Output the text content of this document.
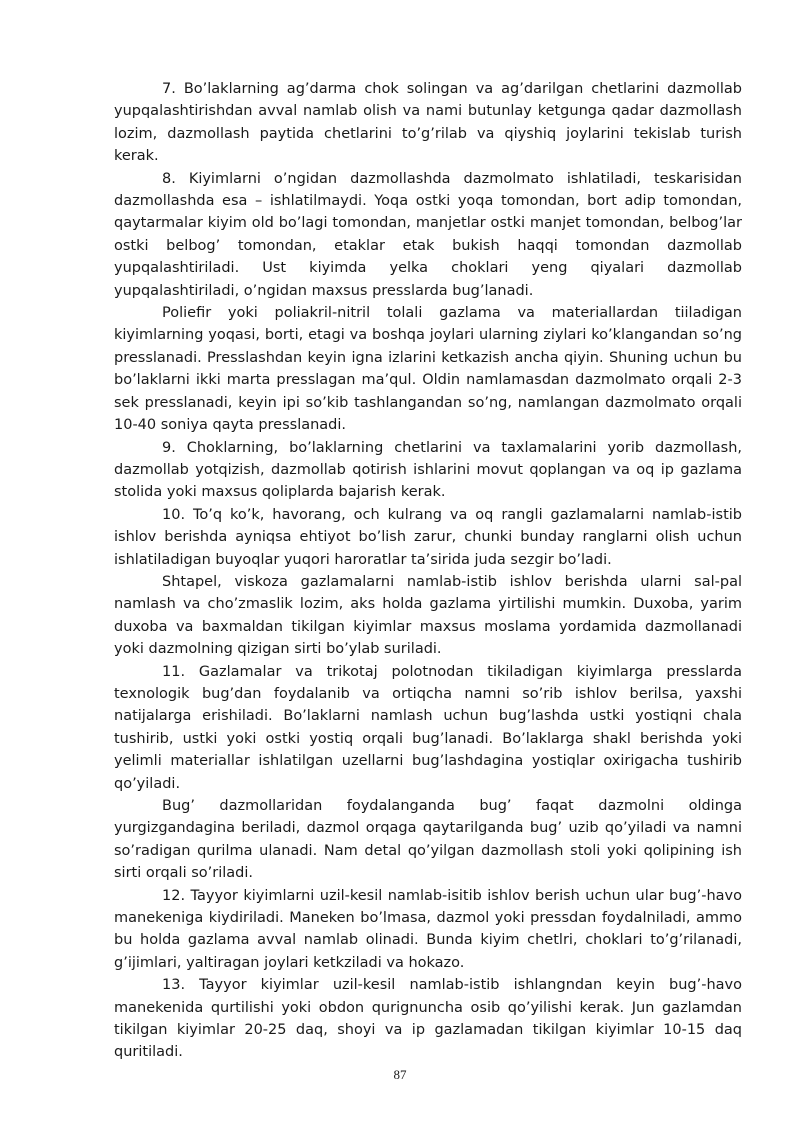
7. Bo’laklarning ag’darma chok solingan va ag’darilgan chetlarini dazmollab yupqalashtirishdan avval namlab olish va nami butunlay ketgunga qadar dazmollash lozim, dazmollash paytida chetlarini to’g’rilab va qiyshiq joylarini tekislab turish kerak.

8. Kiyimlarni o’ngidan dazmollashda dazmolmato ishlatiladi, teskarisidan dazmollashda esa – ishlatilmaydi. Yoqa ostki yoqa tomondan, bort adip tomondan, qaytarmalar kiyim old bo’lagi tomondan, manjetlar ostki manjet tomondan, belbog’lar ostki belbog’ tomondan, etaklar etak bukish haqqi tomondan dazmollab yupqalashtiriladi. Ust kiyimda yelka choklari yeng qiyalari dazmollab yupqalashtiriladi, o’ngidan maxsus presslarda bug’lanadi.

Poliefir yoki poliakril-nitril tolali gazlama va materiallardan tiiladigan kiyimlarning yoqasi, borti, etagi va boshqa joylari ularning ziylari ko’klangandan so’ng presslanadi. Presslashdan keyin igna izlarini ketkazish ancha qiyin. Shuning uchun bu bo’laklarni ikki marta presslagan ma’qul. Oldin namlamasdan dazmolmato orqali 2-3 sek presslanadi, keyin ipi so’kib tashlangandan so’ng, namlangan dazmolmato orqali 10-40 soniya qayta presslanadi.

9. Choklarning, bo’laklarning chetlarini va taxlamalarini yorib dazmollash, dazmollab yotqizish, dazmollab qotirish ishlarini movut qoplangan va oq ip gazlama stolida yoki maxsus qoliplarda bajarish kerak.

10. To’q ko’k, havorang, och kulrang va oq rangli gazlamalarni namlab-istib ishlov berishda ayniqsa ehtiyot bo’lish zarur, chunki bunday ranglarni olish uchun ishlatiladigan buyoqlar yuqori haroratlar ta’sirida juda sezgir bo’ladi.

Shtapel, viskoza gazlamalarni namlab-istib ishlov berishda ularni sal-pal namlash va cho’zmaslik lozim, aks holda gazlama yirtilishi mumkin. Duxoba, yarim duxoba va baxmaldan tikilgan kiyimlar maxsus moslama yordamida dazmollanadi yoki dazmolning qizigan sirti bo’ylab suriladi.

11. Gazlamalar va trikotaj polotnodan tikiladigan kiyimlarga presslarda texnologik bug’dan foydalanib va ortiqcha namni so’rib ishlov berilsa, yaxshi natijalarga erishiladi. Bo’laklarni namlash uchun bug’lashda ustki yostiqni chala tushirib, ustki yoki ostki yostiq orqali bug’lanadi. Bo’laklarga shakl berishda yoki yelimli materiallar ishlatilgan uzellarni bug’lashdagina yostiqlar oxirigacha tushirib qo’yiladi.

Bug’ dazmollaridan foydalanganda bug’ faqat dazmolni oldinga yurgizgandagina beriladi, dazmol orqaga qaytarilganda bug’ uzib qo’yiladi va namni so’radigan qurilma ulanadi. Nam detal qo’yilgan dazmollash stoli yoki qolipining ish sirti orqali so’riladi.

12. Tayyor kiyimlarni uzil-kesil namlab-isitib ishlov berish uchun ular bug’-havo manekeniga kiydiriladi. Maneken bo’lmasa, dazmol yoki pressdan foydalniladi, ammo bu holda gazlama avval namlab olinadi. Bunda kiyim chetlri, choklari to’g’rilanadi, g’ijimlari, yaltiragan joylari ketkziladi va hokazo.

13. Tayyor kiyimlar uzil-kesil namlab-istib ishlangndan keyin bug’-havo manekenida qurtilishi yoki obdon qurignuncha osib qo’yilishi kerak. Jun gazlamdan tikilgan kiyimlar 20-25 daq, shoyi va ip gazlamadan tikilgan kiyimlar 10-15 daq quritiladi.

87
